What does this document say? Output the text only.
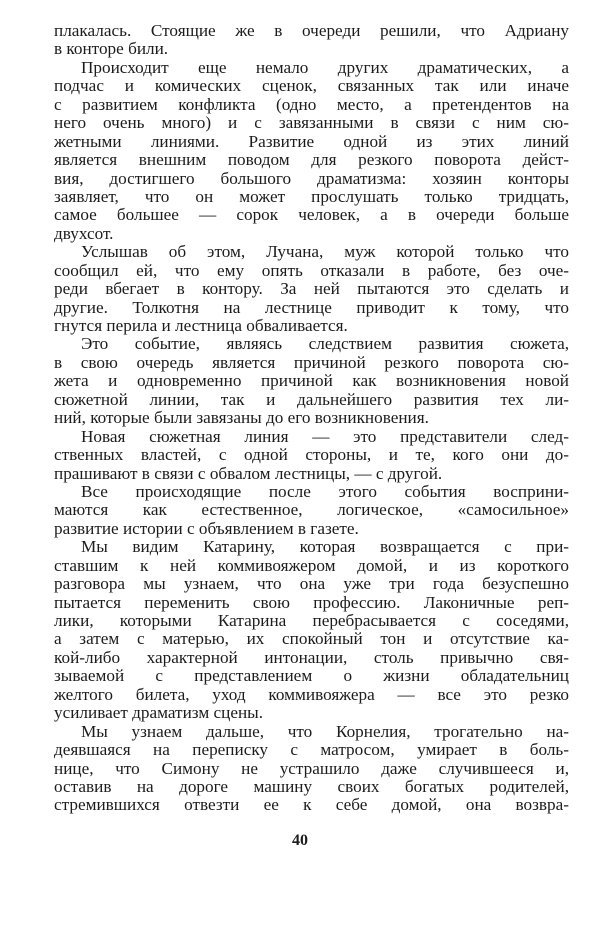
плакалась. Стоящие же в очереди решили, что Адриану
в конторе били.
Происходит еще немало других драматических, а
подчас и комических сценок, связанных так или иначе
с развитием конфликта (одно место, а претендентов на
него очень много) и с завязанными в связи с ним сю-
жетными линиями. Развитие одной из этих линий
является внешним поводом для резкого поворота дейст-
вия, достигшего большого драматизма: хозяин конторы
заявляет, что он может прослушать только тридцать,
самое большее — сорок человек, а в очереди больше
двухсот.
Услышав об этом, Лучана, муж которой только что
сообщил ей, что ему опять отказали в работе, без оче-
реди вбегает в контору. За ней пытаются это сделать и
другие. Толкотня на лестнице приводит к тому, что
гнутся перила и лестница обваливается.
Это событие, являясь следствием развития сюжета,
в свою очередь является причиной резкого поворота сю-
жета и одновременно причиной как возникновения новой
сюжетной линии, так и дальнейшего развития тех ли-
ний, которые были завязаны до его возникновения.
Новая сюжетная линия — это представители след-
ственных властей, с одной стороны, и те, кого они до-
прашивают в связи с обвалом лестницы, — с другой.
Все происходящие после этого события восприни-
маются как естественное, логическое, «самосильное»
развитие истории с объявлением в газете.
Мы видим Катарину, которая возвращается с при-
ставшим к ней коммивояжером домой, и из короткого
разговора мы узнаем, что она уже три года безуспешно
пытается переменить свою профессию. Лаконичные реп-
лики, которыми Катарина перебрасывается с соседями,
а затем с матерью, их спокойный тон и отсутствие ка-
кой-либо характерной интонации, столь привычно свя-
зываемой с представлением о жизни обладательниц
желтого билета, уход коммивояжера — все это резко
усиливает драматизм сцены.
Мы узнаем дальше, что Корнелия, трогательно на-
деявшаяся на переписку с матросом, умирает в боль-
нице, что Симону не устрашило даже случившееся и,
оставив на дороге машину своих богатых родителей,
стремившихся отвезти ее к себе домой, она возвра-
40
